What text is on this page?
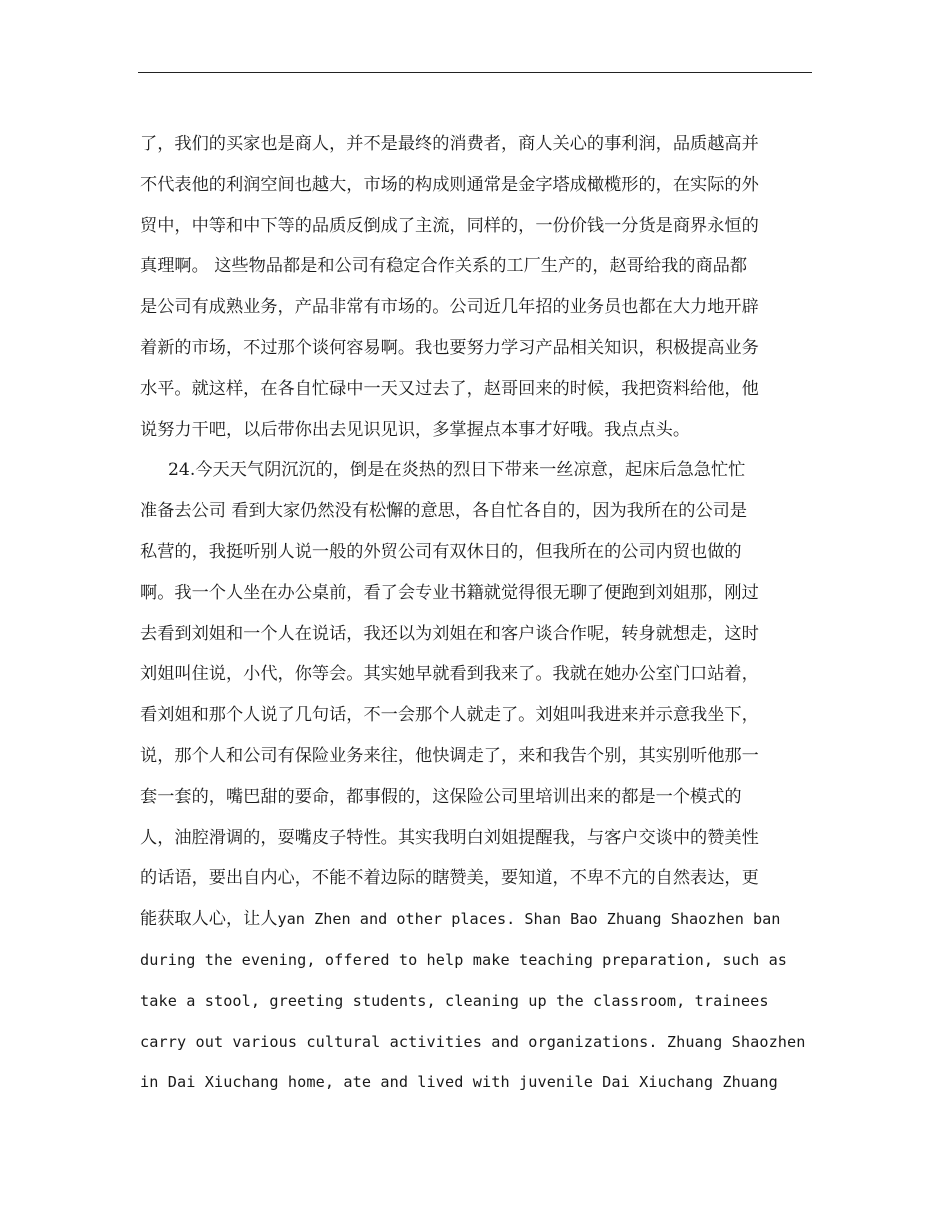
了，我们的买家也是商人，并不是最终的消费者，商人关心的事利润，品质越高并
不代表他的利润空间也越大，市场的构成则通常是金字塔成橄榄形的，在实际的外
贸中，中等和中下等的品质反倒成了主流，同样的，一份价钱一分货是商界永恒的
真理啊。 这些物品都是和公司有稳定合作关系的工厂生产的，赵哥给我的商品都
是公司有成熟业务，产品非常有市场的。公司近几年招的业务员也都在大力地开辟
着新的市场，不过那个谈何容易啊。我也要努力学习产品相关知识，积极提高业务
水平。就这样，在各自忙碌中一天又过去了，赵哥回来的时候，我把资料给他，他
说努力干吧，以后带你出去见识见识，多掌握点本事才好哦。我点点头。
24.今天天气阴沉沉的，倒是在炎热的烈日下带来一丝凉意，起床后急急忙忙
准备去公司 看到大家仍然没有松懈的意思，各自忙各自的，因为我所在的公司是
私营的，我挺听别人说一般的外贸公司有双休日的，但我所在的公司内贸也做的
啊。我一个人坐在办公桌前，看了会专业书籍就觉得很无聊了便跑到刘姐那，刚过
去看到刘姐和一个人在说话，我还以为刘姐在和客户谈合作呢，转身就想走，这时
刘姐叫住说，小代，你等会。其实她早就看到我来了。我就在她办公室门口站着，
看刘姐和那个人说了几句话，不一会那个人就走了。刘姐叫我进来并示意我坐下，
说，那个人和公司有保险业务来往，他快调走了，来和我告个别，其实别听他那一
套一套的，嘴巴甜的要命，都事假的，这保险公司里培训出来的都是一个模式的
人，油腔滑调的，耍嘴皮子特性。其实我明白刘姐提醒我，与客户交谈中的赞美性
的话语，要出自内心，不能不着边际的瞎赞美，要知道，不卑不亢的自然表达，更
能获取人心，让人yan Zhen and other places. Shan Bao Zhuang Shaozhen ban
during the evening, offered to help make teaching preparation, such as
take a stool, greeting students, cleaning up the classroom, trainees
carry out various cultural activities and organizations. Zhuang Shaozhen
in Dai Xiuchang home, ate and lived with juvenile Dai Xiuchang Zhuang
